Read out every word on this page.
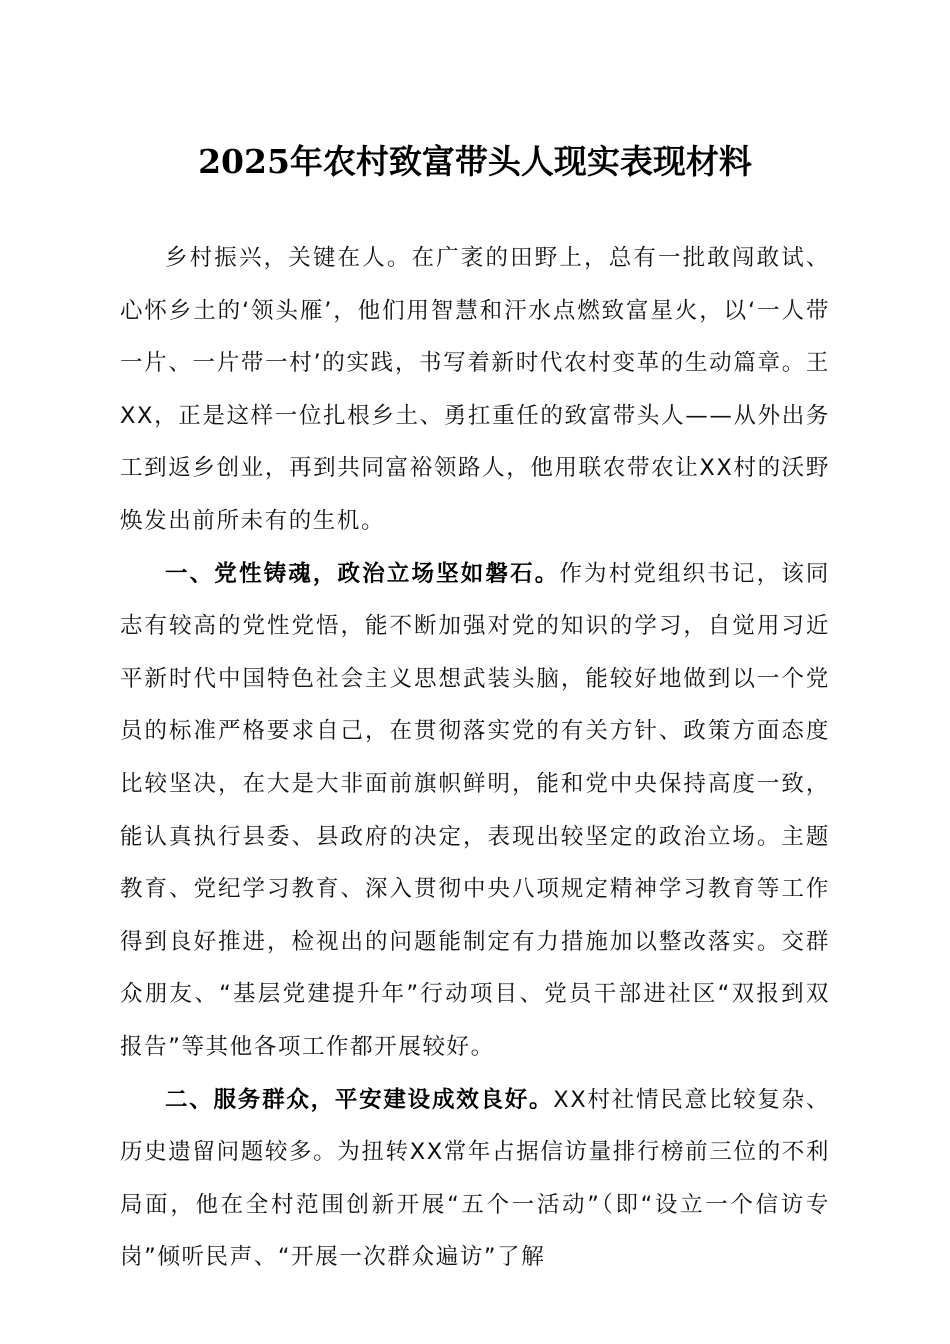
2025年农村致富带头人现实表现材料

乡村振兴，关键在人。在广袤的田野上，总有一批敢闯敢试、心怀乡土的‘领头雁’，他们用智慧和汗水点燃致富星火，以‘一人带一片、一片带一村’的实践，书写着新时代农村变革的生动篇章。王XX，正是这样一位扎根乡土、勇扛重任的致富带头人——从外出务工到返乡创业，再到共同富裕领路人，他用联农带农让XX村的沃野焕发出前所未有的生机。

一、党性铸魂，政治立场坚如磐石。作为村党组织书记，该同志有较高的党性党悟，能不断加强对党的知识的学习，自觉用习近平新时代中国特色社会主义思想武装头脑，能较好地做到以一个党员的标准严格要求自己，在贯彻落实党的有关方针、政策方面态度比较坚决，在大是大非面前旗帜鲜明，能和党中央保持高度一致，能认真执行县委、县政府的决定，表现出较坚定的政治立场。主题教育、党纪学习教育、深入贯彻中央八项规定精神学习教育等工作得到良好推进，检视出的问题能制定有力措施加以整改落实。交群众朋友、“基层党建提升年”行动项目、党员干部进社区“双报到双报告”等其他各项工作都开展较好。

二、服务群众，平安建设成效良好。XX村社情民意比较复杂、历史遗留问题较多。为扭转XX常年占据信访量排行榜前三位的不利局面，他在全村范围创新开展“五个一活动”（即“设立一个信访专岗”倾听民声、“开展一次群众遍访”了解
